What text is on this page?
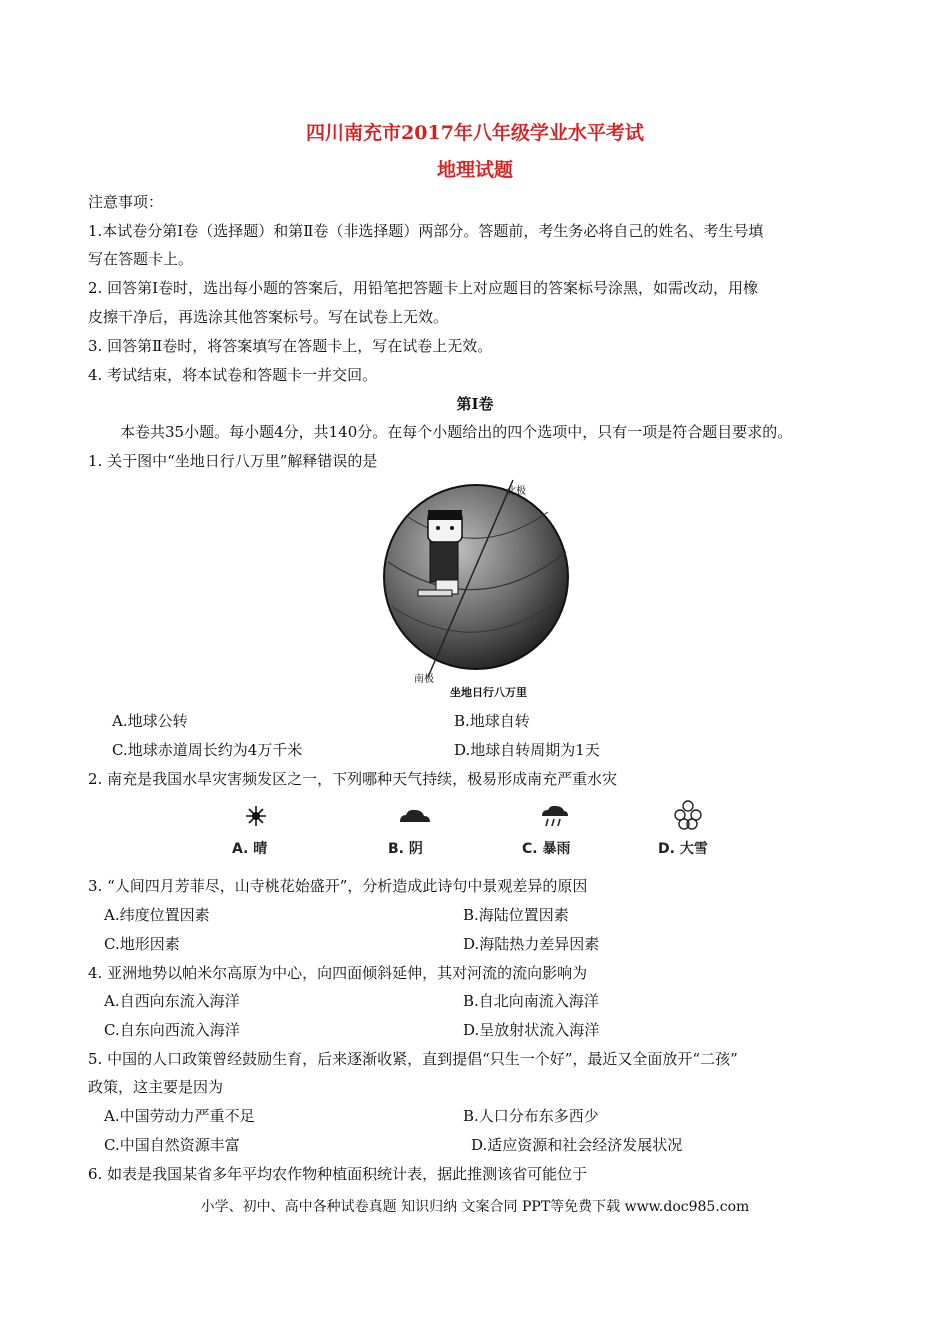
四川南充市2017年八年级学业水平考试
地理试题
注意事项：
1.本试卷分第Ⅰ卷（选择题）和第Ⅱ卷（非选择题）两部分。答题前，考生务必将自己的姓名、考生号填
写在答题卡上。
2. 回答第Ⅰ卷时，选出每小题的答案后，用铅笔把答题卡上对应题目的答案标号涂黑，如需改动，用橡
皮擦干净后，再选涂其他答案标号。写在试卷上无效。
3. 回答第Ⅱ卷时，将答案填写在答题卡上，写在试卷上无效。
4. 考试结束，将本试卷和答题卡一并交回。
第Ⅰ卷
本卷共35小题。每小题4分，共140分。在每个小题给出的四个选项中，只有一项是符合题目要求的。
1. 关于图中“坐地日行八万里”解释错误的是
北极
南极
坐地日行八万里
A.地球公转	B.地球自转
C.地球赤道周长约为4万千米	D.地球自转周期为1天
2. 南充是我国水旱灾害频发区之一，下列哪种天气持续，极易形成南充严重水灾
A. 晴	B. 阴	C. 暴雨	D. 大雪
3. “人间四月芳菲尽，山寺桃花始盛开”，分析造成此诗句中景观差异的原因
A.纬度位置因素	B.海陆位置因素
C.地形因素	D.海陆热力差异因素
4. 亚洲地势以帕米尔高原为中心，向四面倾斜延伸，其对河流的流向影响为
A.自西向东流入海洋	B.自北向南流入海洋
C.自东向西流入海洋	D.呈放射状流入海洋
5. 中国的人口政策曾经鼓励生育，后来逐渐收紧，直到提倡“只生一个好”，最近又全面放开“二孩”
政策，这主要是因为
A.中国劳动力严重不足	B.人口分布东多西少
C.中国自然资源丰富	D.适应资源和社会经济发展状况
6. 如表是我国某省多年平均农作物种植面积统计表，据此推测该省可能位于
小学、初中、高中各种试卷真题 知识归纳 文案合同 PPT等免费下载 www.doc985.com
